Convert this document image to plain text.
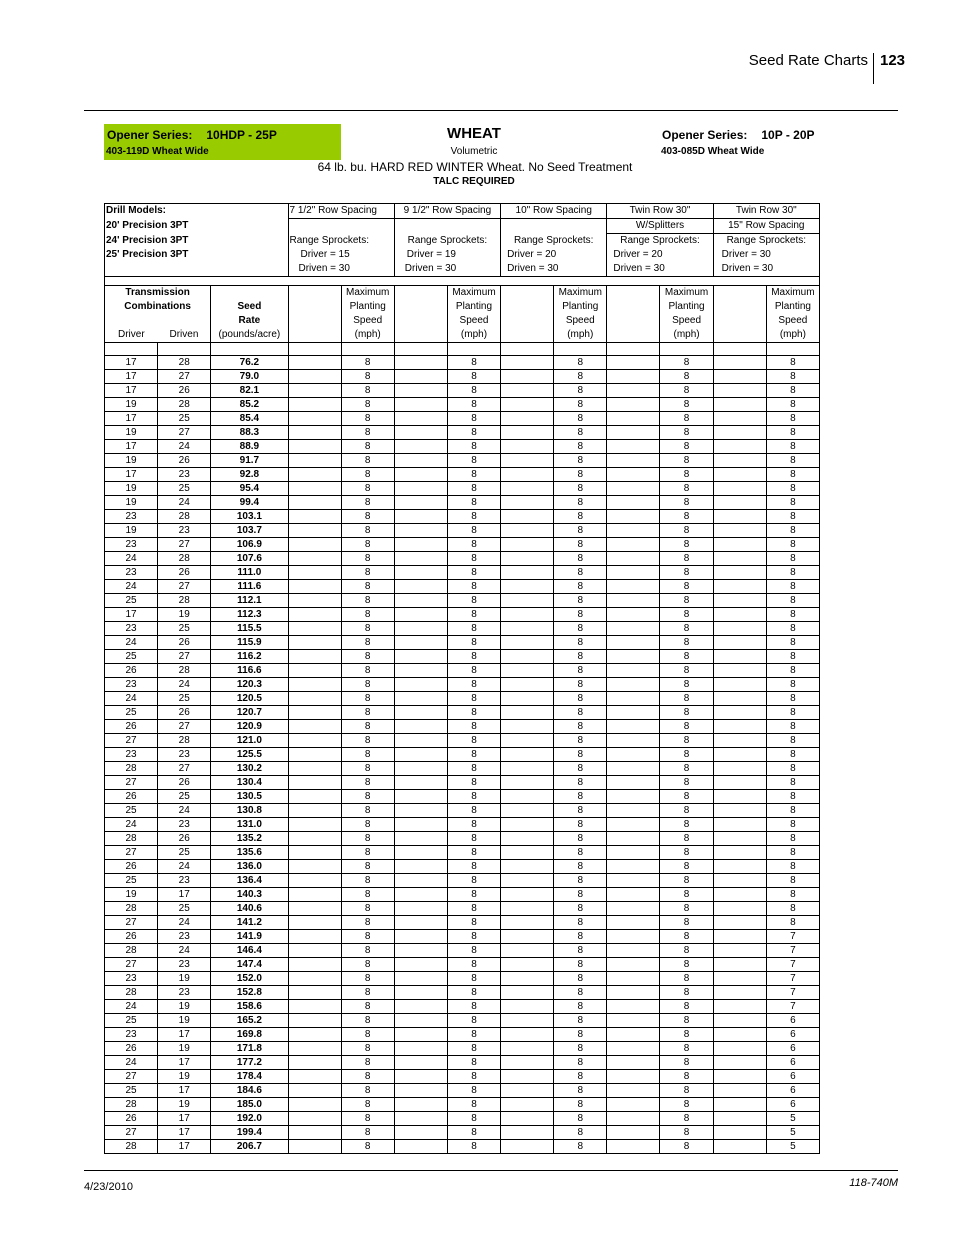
Seed Rate Charts 123
Opener Series: 10HDP - 25P
403-119D Wheat Wide
WHEAT
Volumetric
Opener Series: 10P - 20P
403-085D Wheat Wide
64 lb. bu. HARD RED WINTER Wheat. No Seed Treatment
TALC REQUIRED
Drill Models:			7 1/2" Row Spacing		9 1/2" Row Spacing		10" Row Spacing		Twin Row 30"		Twin Row 30"	
20' Precision 3PT									W/Splitters		15" Row Spacing	
24' Precision 3PT			Range Sprockets:		Range Sprockets:		Range Sprockets:		Range Sprockets:		Range Sprockets:	
25' Precision 3PT			Driver = 15		Driver = 19		Driver = 20		Driver = 20		Driver = 30	
			Driven = 30		Driven = 30		Driven = 30		Driven = 30		Driven = 30	

Transmission				Maximum		Maximum		Maximum		Maximum		Maximum
Combinations		Seed		Planting		Planting		Planting		Planting		Planting
		Rate		Speed		Speed		Speed		Speed		Speed
Driver	Driven	(pounds/acre)		(mph)		(mph)		(mph)		(mph)		(mph)

17	28	76.2		8		8		8		8		8
17	27	79.0		8		8		8		8		8
17	26	82.1		8		8		8		8		8
19	28	85.2		8		8		8		8		8
17	25	85.4		8		8		8		8		8
19	27	88.3		8		8		8		8		8
17	24	88.9		8		8		8		8		8
19	26	91.7		8		8		8		8		8
17	23	92.8		8		8		8		8		8
19	25	95.4		8		8		8		8		8
19	24	99.4		8		8		8		8		8
23	28	103.1		8		8		8		8		8
19	23	103.7		8		8		8		8		8
23	27	106.9		8		8		8		8		8
24	28	107.6		8		8		8		8		8
23	26	111.0		8		8		8		8		8
24	27	111.6		8		8		8		8		8
25	28	112.1		8		8		8		8		8
17	19	112.3		8		8		8		8		8
23	25	115.5		8		8		8		8		8
24	26	115.9		8		8		8		8		8
25	27	116.2		8		8		8		8		8
26	28	116.6		8		8		8		8		8
23	24	120.3		8		8		8		8		8
24	25	120.5		8		8		8		8		8
25	26	120.7		8		8		8		8		8
26	27	120.9		8		8		8		8		8
27	28	121.0		8		8		8		8		8
23	23	125.5		8		8		8		8		8
28	27	130.2		8		8		8		8		8
27	26	130.4		8		8		8		8		8
26	25	130.5		8		8		8		8		8
25	24	130.8		8		8		8		8		8
24	23	131.0		8		8		8		8		8
28	26	135.2		8		8		8		8		8
27	25	135.6		8		8		8		8		8
26	24	136.0		8		8		8		8		8
25	23	136.4		8		8		8		8		8
19	17	140.3		8		8		8		8		8
28	25	140.6		8		8		8		8		8
27	24	141.2		8		8		8		8		8
26	23	141.9		8		8		8		8		7
28	24	146.4		8		8		8		8		7
27	23	147.4		8		8		8		8		7
23	19	152.0		8		8		8		8		7
28	23	152.8		8		8		8		8		7
24	19	158.6		8		8		8		8		7
25	19	165.2		8		8		8		8		6
23	17	169.8		8		8		8		8		6
26	19	171.8		8		8		8		8		6
24	17	177.2		8		8		8		8		6
27	19	178.4		8		8		8		8		6
25	17	184.6		8		8		8		8		6
28	19	185.0		8		8		8		8		6
26	17	192.0		8		8		8		8		5
27	17	199.4		8		8		8		8		5
28	17	206.7		8		8		8		8		5
4/23/2010	118-740M
